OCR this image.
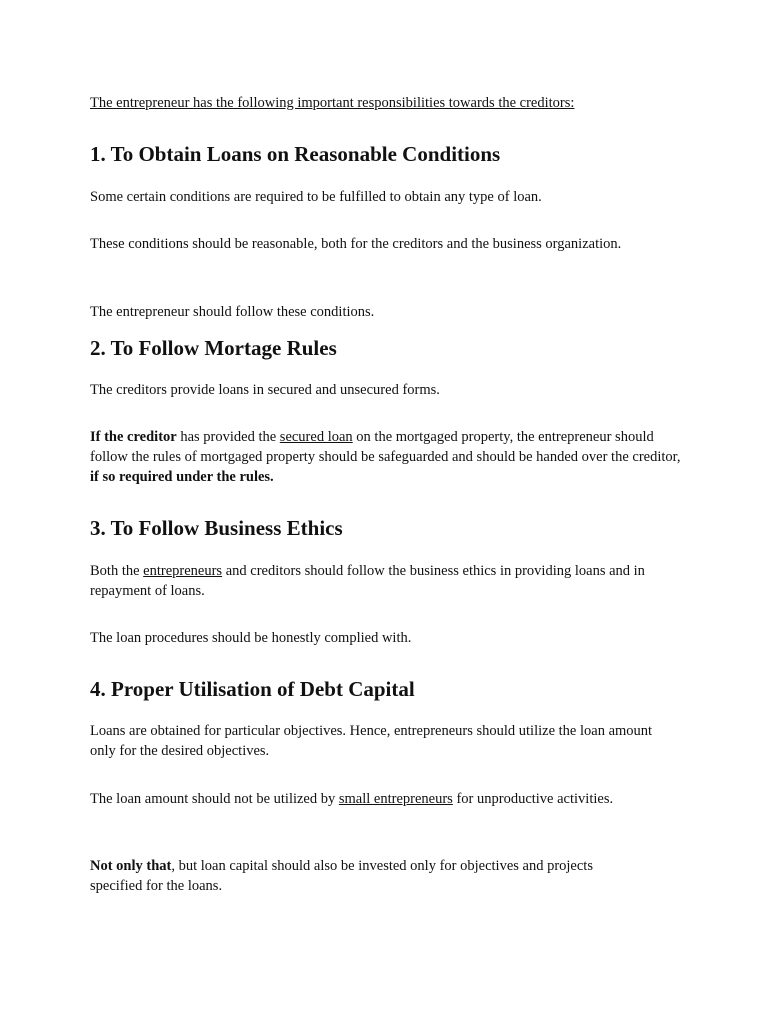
The entrepreneur has the following important responsibilities towards the creditors:
1. To Obtain Loans on Reasonable Conditions

Some certain conditions are required to be fulfilled to obtain any type of loan.

These conditions should be reasonable, both for the creditors and the business organization.

The entrepreneur should follow these conditions.

2. To Follow Mortage Rules

The creditors provide loans in secured and unsecured forms.

If the creditor has provided the secured loan on the mortgaged property, the entrepreneur should follow the rules of mortgaged property should be safeguarded and should be handed over the creditor, if so required under the rules.

3. To Follow Business Ethics

Both the entrepreneurs and creditors should follow the business ethics in providing loans and in repayment of loans.

The loan procedures should be honestly complied with.

4. Proper Utilisation of Debt Capital

Loans are obtained for particular objectives. Hence, entrepreneurs should utilize the loan amount only for the desired objectives.

The loan amount should not be utilized by small entrepreneurs for unproductive activities.

Not only that, but loan capital should also be invested only for objectives and projects specified for the loans.
